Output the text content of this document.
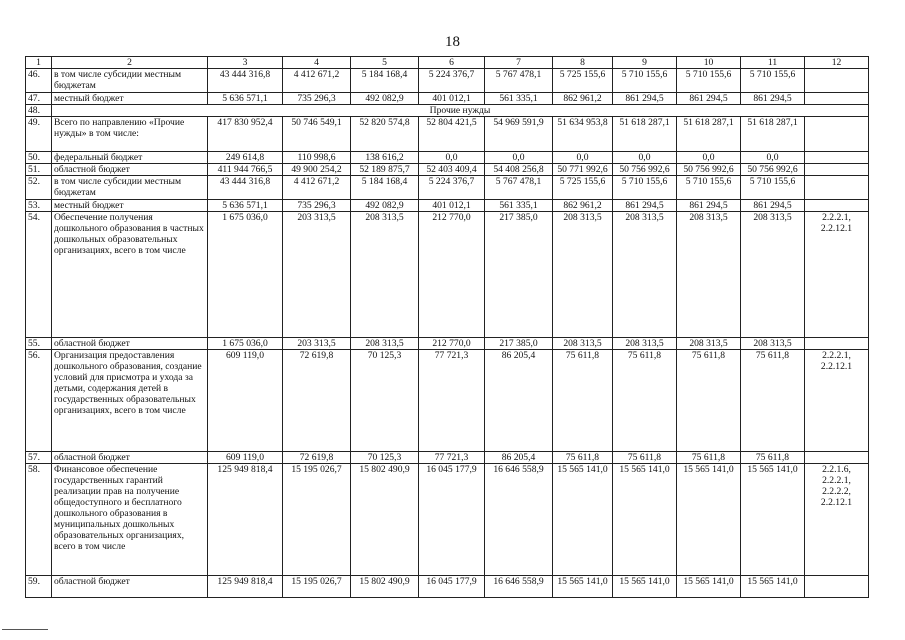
18
1	2	3	4	5	6	7	8	9	10	11	12
46.	в том числе субсидии местным бюджетам	43 444 316,8	4 412 671,2	5 184 168,4	5 224 376,7	5 767 478,1	5 725 155,6	5 710 155,6	5 710 155,6	5 710 155,6	
47.	местный бюджет	5 636 571,1	735 296,3	492 082,9	401 012,1	561 335,1	862 961,2	861 294,5	861 294,5	861 294,5	
48.	Прочие нужды										
49.	Всего по направлению «Прочие нужды» в том числе:	417 830 952,4	50 746 549,1	52 820 574,8	52 804 421,5	54 969 591,9	51 634 953,8	51 618 287,1	51 618 287,1	51 618 287,1	
50.	федеральный бюджет	249 614,8	110 998,6	138 616,2	0,0	0,0	0,0	0,0	0,0	0,0	
51.	областной бюджет	411 944 766,5	49 900 254,2	52 189 875,7	52 403 409,4	54 408 256,8	50 771 992,6	50 756 992,6	50 756 992,6	50 756 992,6	
52.	в том числе субсидии местным бюджетам	43 444 316,8	4 412 671,2	5 184 168,4	5 224 376,7	5 767 478,1	5 725 155,6	5 710 155,6	5 710 155,6	5 710 155,6	
53.	местный бюджет	5 636 571,1	735 296,3	492 082,9	401 012,1	561 335,1	862 961,2	861 294,5	861 294,5	861 294,5	
54.	Обеспечение получения дошкольного образования в частных дошкольных образовательных организациях, всего в том числе	1 675 036,0	203 313,5	208 313,5	212 770,0	217 385,0	208 313,5	208 313,5	208 313,5	208 313,5	2.2.2.1, 2.2.12.1
55.	областной бюджет	1 675 036,0	203 313,5	208 313,5	212 770,0	217 385,0	208 313,5	208 313,5	208 313,5	208 313,5	
56.	Организация предоставления дошкольного образования, создание условий для присмотра и ухода за детьми, содержания детей в государственных образовательных организациях, всего в том числе	609 119,0	72 619,8	70 125,3	77 721,3	86 205,4	75 611,8	75 611,8	75 611,8	75 611,8	2.2.2.1, 2.2.12.1
57.	областной бюджет	609 119,0	72 619,8	70 125,3	77 721,3	86 205,4	75 611,8	75 611,8	75 611,8	75 611,8	
58.	Финансовое обеспечение государственных гарантий реализации прав на получение общедоступного и бесплатного дошкольного образования в муниципальных дошкольных образовательных организациях, всего в том числе	125 949 818,4	15 195 026,7	15 802 490,9	16 045 177,9	16 646 558,9	15 565 141,0	15 565 141,0	15 565 141,0	15 565 141,0	2.2.1.6, 2.2.2.1, 2.2.2.2, 2.2.12.1
59.	областной бюджет	125 949 818,4	15 195 026,7	15 802 490,9	16 045 177,9	16 646 558,9	15 565 141,0	15 565 141,0	15 565 141,0	15 565 141,0	
